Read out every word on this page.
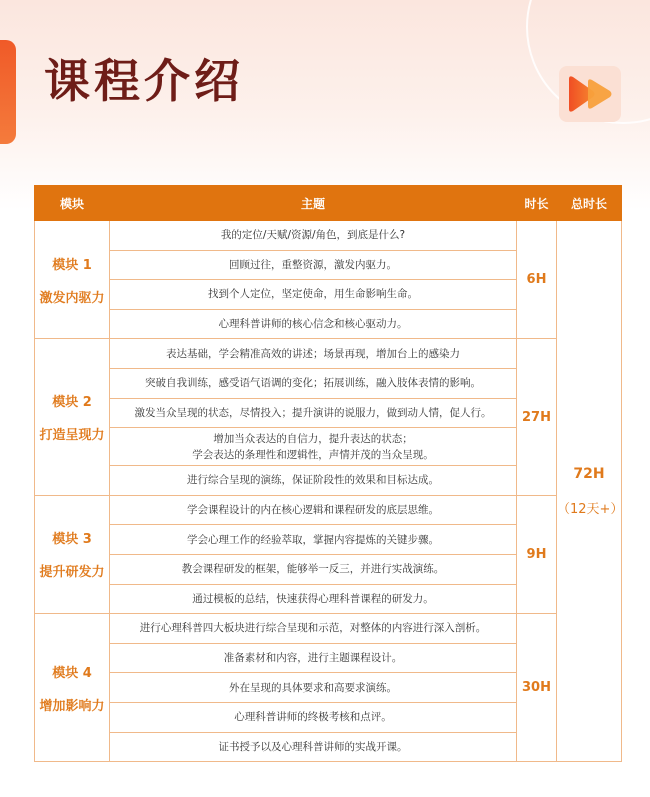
课程介绍
模块	主题	时长	总时长

模块 1
激发内驱力	我的定位/天赋/资源/角色，到底是什么?	6H	72H
（12天+）

	回顾过往，重整资源，激发内驱力。		

	找到个人定位，坚定使命，用生命影响生命。		

	心理科普讲师的核心信念和核心驱动力。		

模块 2
打造呈现力	表达基础，学会精准高效的讲述；场景再现，增加台上的感染力	27H	

	突破自我训练，感受语气语调的变化；拓展训练，融入肢体表情的影响。		

	激发当众呈现的状态，尽情投入；提升演讲的说服力，做到动人情，促人行。		

	增加当众表达的自信力，提升表达的状态；
学会表达的条理性和逻辑性，声情并茂的当众呈现。		

	进行综合呈现的演练，保证阶段性的效果和目标达成。		

模块 3
提升研发力	学会课程设计的内在核心逻辑和课程研发的底层思维。	9H	

	学会心理工作的经验萃取，掌握内容提炼的关键步骤。		

	教会课程研发的框架，能够举一反三，并进行实战演练。		

	通过模板的总结，快速获得心理科普课程的研发力。		

模块 4
增加影响力	进行心理科普四大板块进行综合呈现和示范，对整体的内容进行深入剖析。	30H	

	准备素材和内容，进行主题课程设计。		

	外在呈现的具体要求和高要求演练。		

	心理科普讲师的终极考核和点评。		

	证书授予以及心理科普讲师的实战开课。		
